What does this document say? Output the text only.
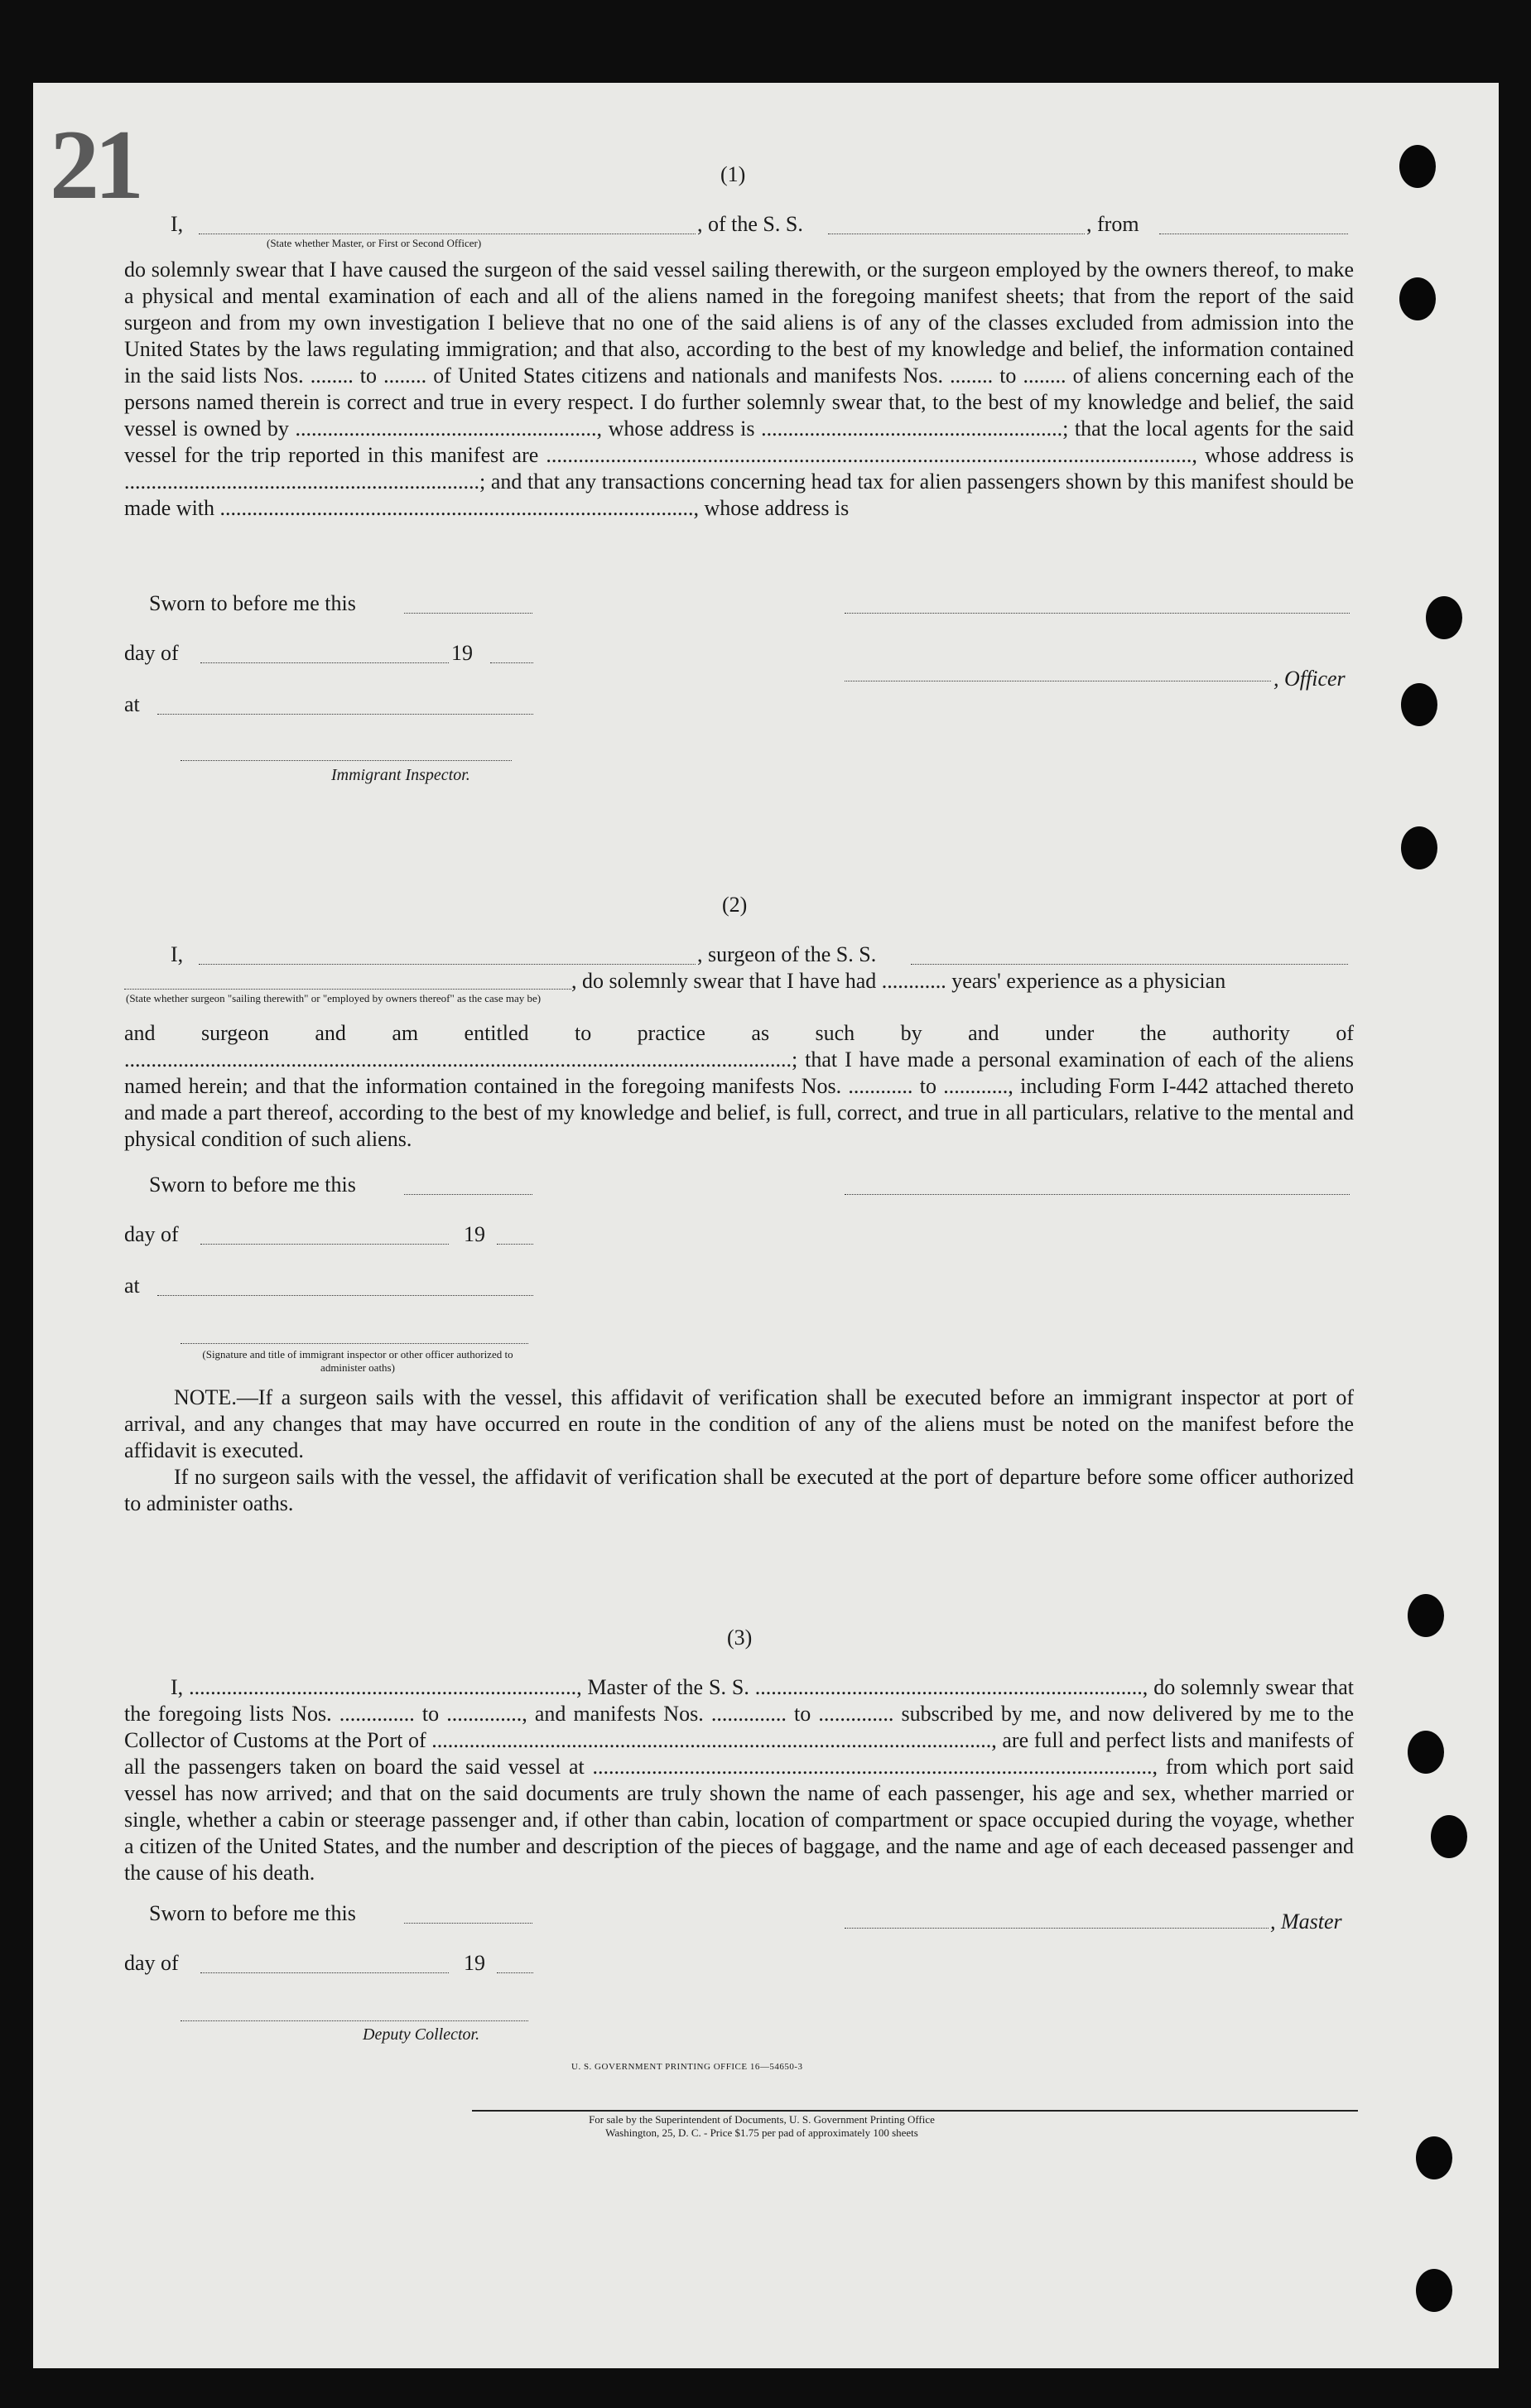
21	(1)
I,	, of the S. S.	, from
(State whether Master, or First or Second Officer)
do solemnly swear that I have caused the surgeon of the said vessel sailing therewith, or the surgeon employed by the owners thereof, to make a physical and mental examination of each and all of the aliens named in the foregoing manifest sheets; that from the report of the said surgeon and from my own investigation I believe that no one of the said aliens is of any of the classes excluded from admission into the United States by the laws regulating immigration; and that also, according to the best of my knowledge and belief, the information contained in the said lists Nos. ........ to ........ of United States citizens and nationals and manifests Nos. ........ to ........ of aliens concerning each of the persons named therein is correct and true in every respect. I do further solemnly swear that, to the best of my knowledge and belief, the said vessel is owned by ........................................................, whose address is ........................................................; that the local agents for the said vessel for the trip reported in this manifest are ........................................................................................................................, whose address is ..................................................................; and that any transactions concerning head tax for alien passengers shown by this manifest should be made with ........................................................................................, whose address is
Sworn to before me this
day of	19
, Officer
at
Immigrant Inspector.
(2)
I,	, surgeon of the S. S.
, do solemnly swear that I have had ............ years' experience as a physician
(State whether surgeon "sailing therewith" or "employed by owners thereof" as the case may be)
and surgeon and am entitled to practice as such by and under the authority of ............................................................................................................................; that I have made a personal examination of each of the aliens named herein; and that the information contained in the foregoing manifests Nos. ............ to ............, including Form I-442 attached thereto and made a part thereof, according to the best of my knowledge and belief, is full, correct, and true in all particulars, relative to the mental and physical condition of such aliens.
Sworn to before me this
day of	19
at
(Signature and title of immigrant inspector or other officer authorized to administer oaths)
NOTE.—If a surgeon sails with the vessel, this affidavit of verification shall be executed before an immigrant inspector at port of arrival, and any changes that may have occurred en route in the condition of any of the aliens must be noted on the manifest before the affidavit is executed.
If no surgeon sails with the vessel, the affidavit of verification shall be executed at the port of departure before some officer authorized to administer oaths.
(3)
I, ........................................................................, Master of the S. S. ........................................................................, do solemnly swear that the foregoing lists Nos. .............. to .............., and manifests Nos. .............. to .............. subscribed by me, and now delivered by me to the Collector of Customs at the Port of ........................................................................................................, are full and perfect lists and manifests of all the passengers taken on board the said vessel at ........................................................................................................, from which port said vessel has now arrived; and that on the said documents are truly shown the name of each passenger, his age and sex, whether married or single, whether a cabin or steerage passenger and, if other than cabin, location of compartment or space occupied during the voyage, whether a citizen of the United States, and the number and description of the pieces of baggage, and the name and age of each deceased passenger and the cause of his death.
Sworn to before me this	, Master
day of	19
Deputy Collector.
U. S. GOVERNMENT PRINTING OFFICE 16—54650-3
For sale by the Superintendent of Documents, U. S. Government Printing Office
Washington, 25, D. C. - Price $1.75 per pad of approximately 100 sheets
